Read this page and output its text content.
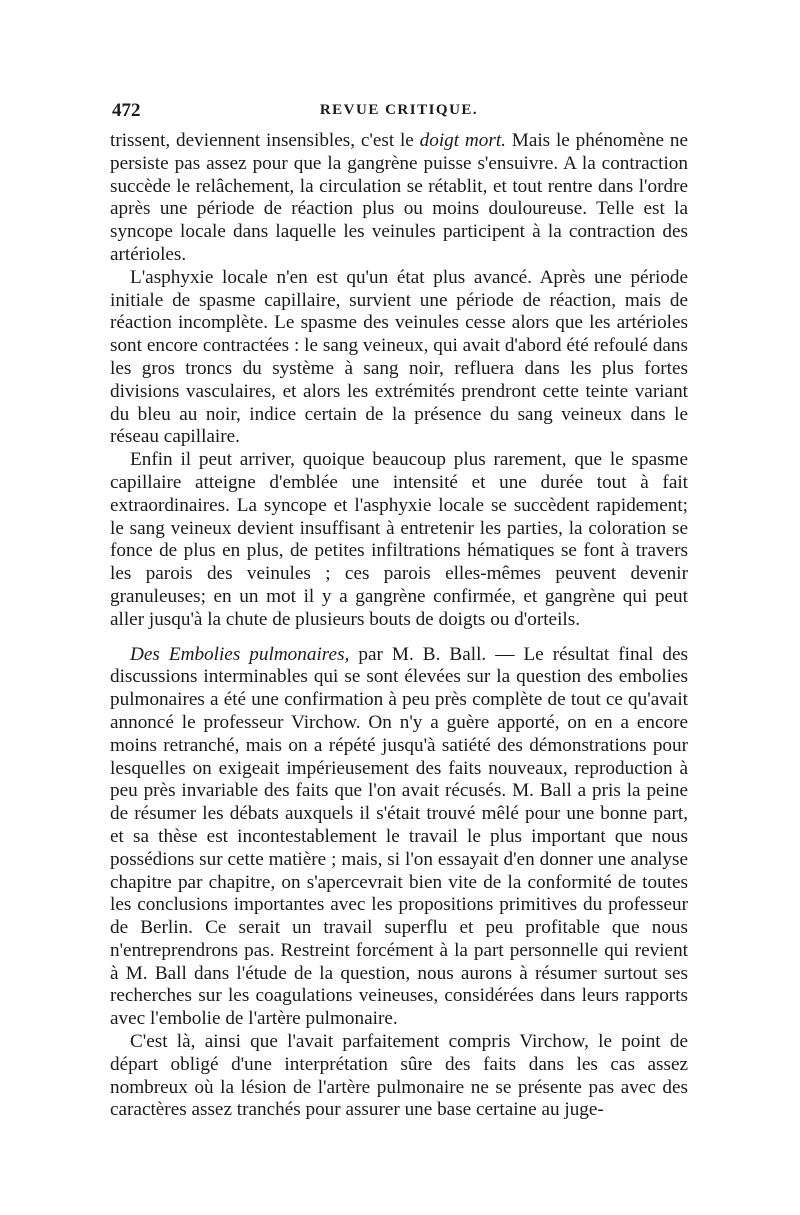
472	REVUE CRITIQUE.

trissent, deviennent insensibles, c'est le doigt mort. Mais le phénomène ne persiste pas assez pour que la gangrène puisse s'ensuivre. A la contraction succède le relâchement, la circulation se rétablit, et tout rentre dans l'ordre après une période de réaction plus ou moins douloureuse. Telle est la syncope locale dans laquelle les veinules participent à la contraction des artérioles.

L'asphyxie locale n'en est qu'un état plus avancé. Après une période initiale de spasme capillaire, survient une période de réaction, mais de réaction incomplète. Le spasme des veinules cesse alors que les artérioles sont encore contractées : le sang veineux, qui avait d'abord été refoulé dans les gros troncs du système à sang noir, refluera dans les plus fortes divisions vasculaires, et alors les extrémités prendront cette teinte variant du bleu au noir, indice certain de la présence du sang veineux dans le réseau capillaire.

Enfin il peut arriver, quoique beaucoup plus rarement, que le spasme capillaire atteigne d'emblée une intensité et une durée tout à fait extraordinaires. La syncope et l'asphyxie locale se succèdent rapidement; le sang veineux devient insuffisant à entretenir les parties, la coloration se fonce de plus en plus, de petites infiltrations hématiques se font à travers les parois des veinules ; ces parois elles-mêmes peuvent devenir granuleuses; en un mot il y a gangrène confirmée, et gangrène qui peut aller jusqu'à la chute de plusieurs bouts de doigts ou d'orteils.

Des Embolies pulmonaires, par M. B. Ball. — Le résultat final des discussions interminables qui se sont élevées sur la question des embolies pulmonaires a été une confirmation à peu près complète de tout ce qu'avait annoncé le professeur Virchow. On n'y a guère apporté, on en a encore moins retranché, mais on a répété jusqu'à satiété des démonstrations pour lesquelles on exigeait impérieusement des faits nouveaux, reproduction à peu près invariable des faits que l'on avait récusés. M. Ball a pris la peine de résumer les débats auxquels il s'était trouvé mêlé pour une bonne part, et sa thèse est incontestablement le travail le plus important que nous possédions sur cette matière ; mais, si l'on essayait d'en donner une analyse chapitre par chapitre, on s'apercevrait bien vite de la conformité de toutes les conclusions importantes avec les propositions primitives du professeur de Berlin. Ce serait un travail superflu et peu profitable que nous n'entreprendrons pas. Restreint forcément à la part personnelle qui revient à M. Ball dans l'étude de la question, nous aurons à résumer surtout ses recherches sur les coagulations veineuses, considérées dans leurs rapports avec l'embolie de l'artère pulmonaire.

C'est là, ainsi que l'avait parfaitement compris Virchow, le point de départ obligé d'une interprétation sûre des faits dans les cas assez nombreux où la lésion de l'artère pulmonaire ne se présente pas avec des caractères assez tranchés pour assurer une base certaine au juge-
